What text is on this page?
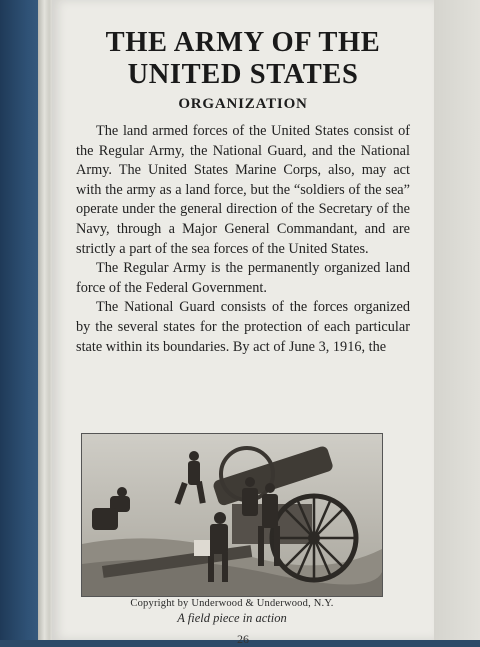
THE ARMY OF THE UNITED STATES
ORGANIZATION

The land armed forces of the United States consist of the Regular Army, the National Guard, and the National Army. The United States Marine Corps, also, may act with the army as a land force, but the “soldiers of the sea” operate under the general direction of the Secretary of the Navy, through a Major General Commandant, and are strictly a part of the sea forces of the United States.

The Regular Army is the permanently organized land force of the Federal Government.

The National Guard consists of the forces organized by the several states for the protection of each particular state within its boundaries. By act of June 3, 1916, the

Copyright by Underwood & Underwood, N.Y.

A field piece in action

26
